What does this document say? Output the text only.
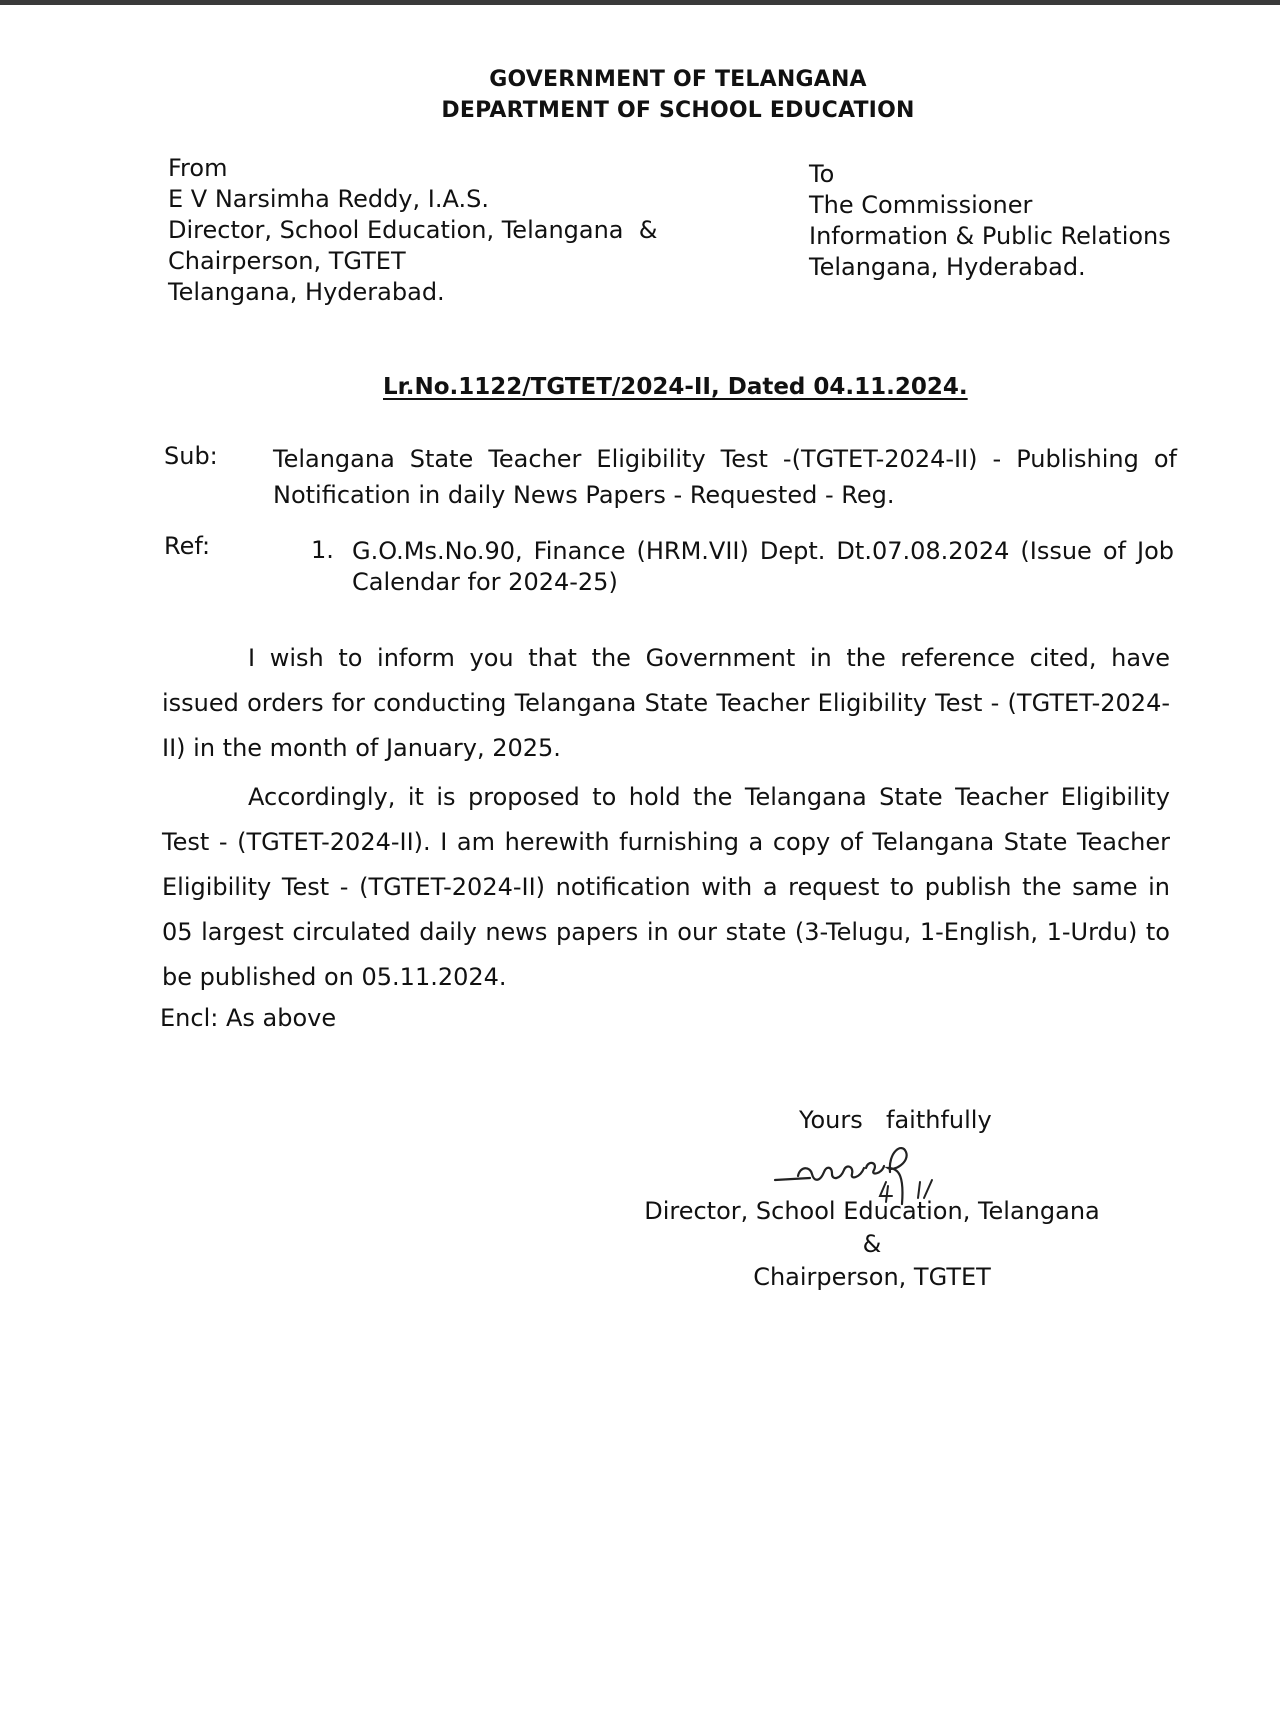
GOVERNMENT OF TELANGANA
DEPARTMENT OF SCHOOL EDUCATION
From
E V Narsimha Reddy, I.A.S.
Director, School Education, Telangana  &
Chairperson, TGTET
Telangana, Hyderabad.
To
The Commissioner
Information & Public Relations
Telangana, Hyderabad.
Lr.No.1122/TGTET/2024-II, Dated 04.11.2024.
Sub: Telangana State Teacher Eligibility Test -(TGTET-2024-II) - Publishing of Notification in daily News Papers - Requested - Reg.
Ref:	1. G.O.Ms.No.90, Finance (HRM.VII) Dept. Dt.07.08.2024 (Issue of Job Calendar for 2024-25)
I wish to inform you that the Government in the reference cited, have issued orders for conducting Telangana State Teacher Eligibility Test - (TGTET-2024-II) in the month of January, 2025.
Accordingly, it is proposed to hold the Telangana State Teacher Eligibility Test - (TGTET-2024-II). I am herewith furnishing a copy of Telangana State Teacher Eligibility Test - (TGTET-2024-II) notification with a request to publish the same in 05 largest circulated daily news papers in our state (3-Telugu, 1-English, 1-Urdu) to be published on 05.11.2024.
Encl: As above
Yours  faithfully
Director, School Education, Telangana &
Chairperson, TGTET
